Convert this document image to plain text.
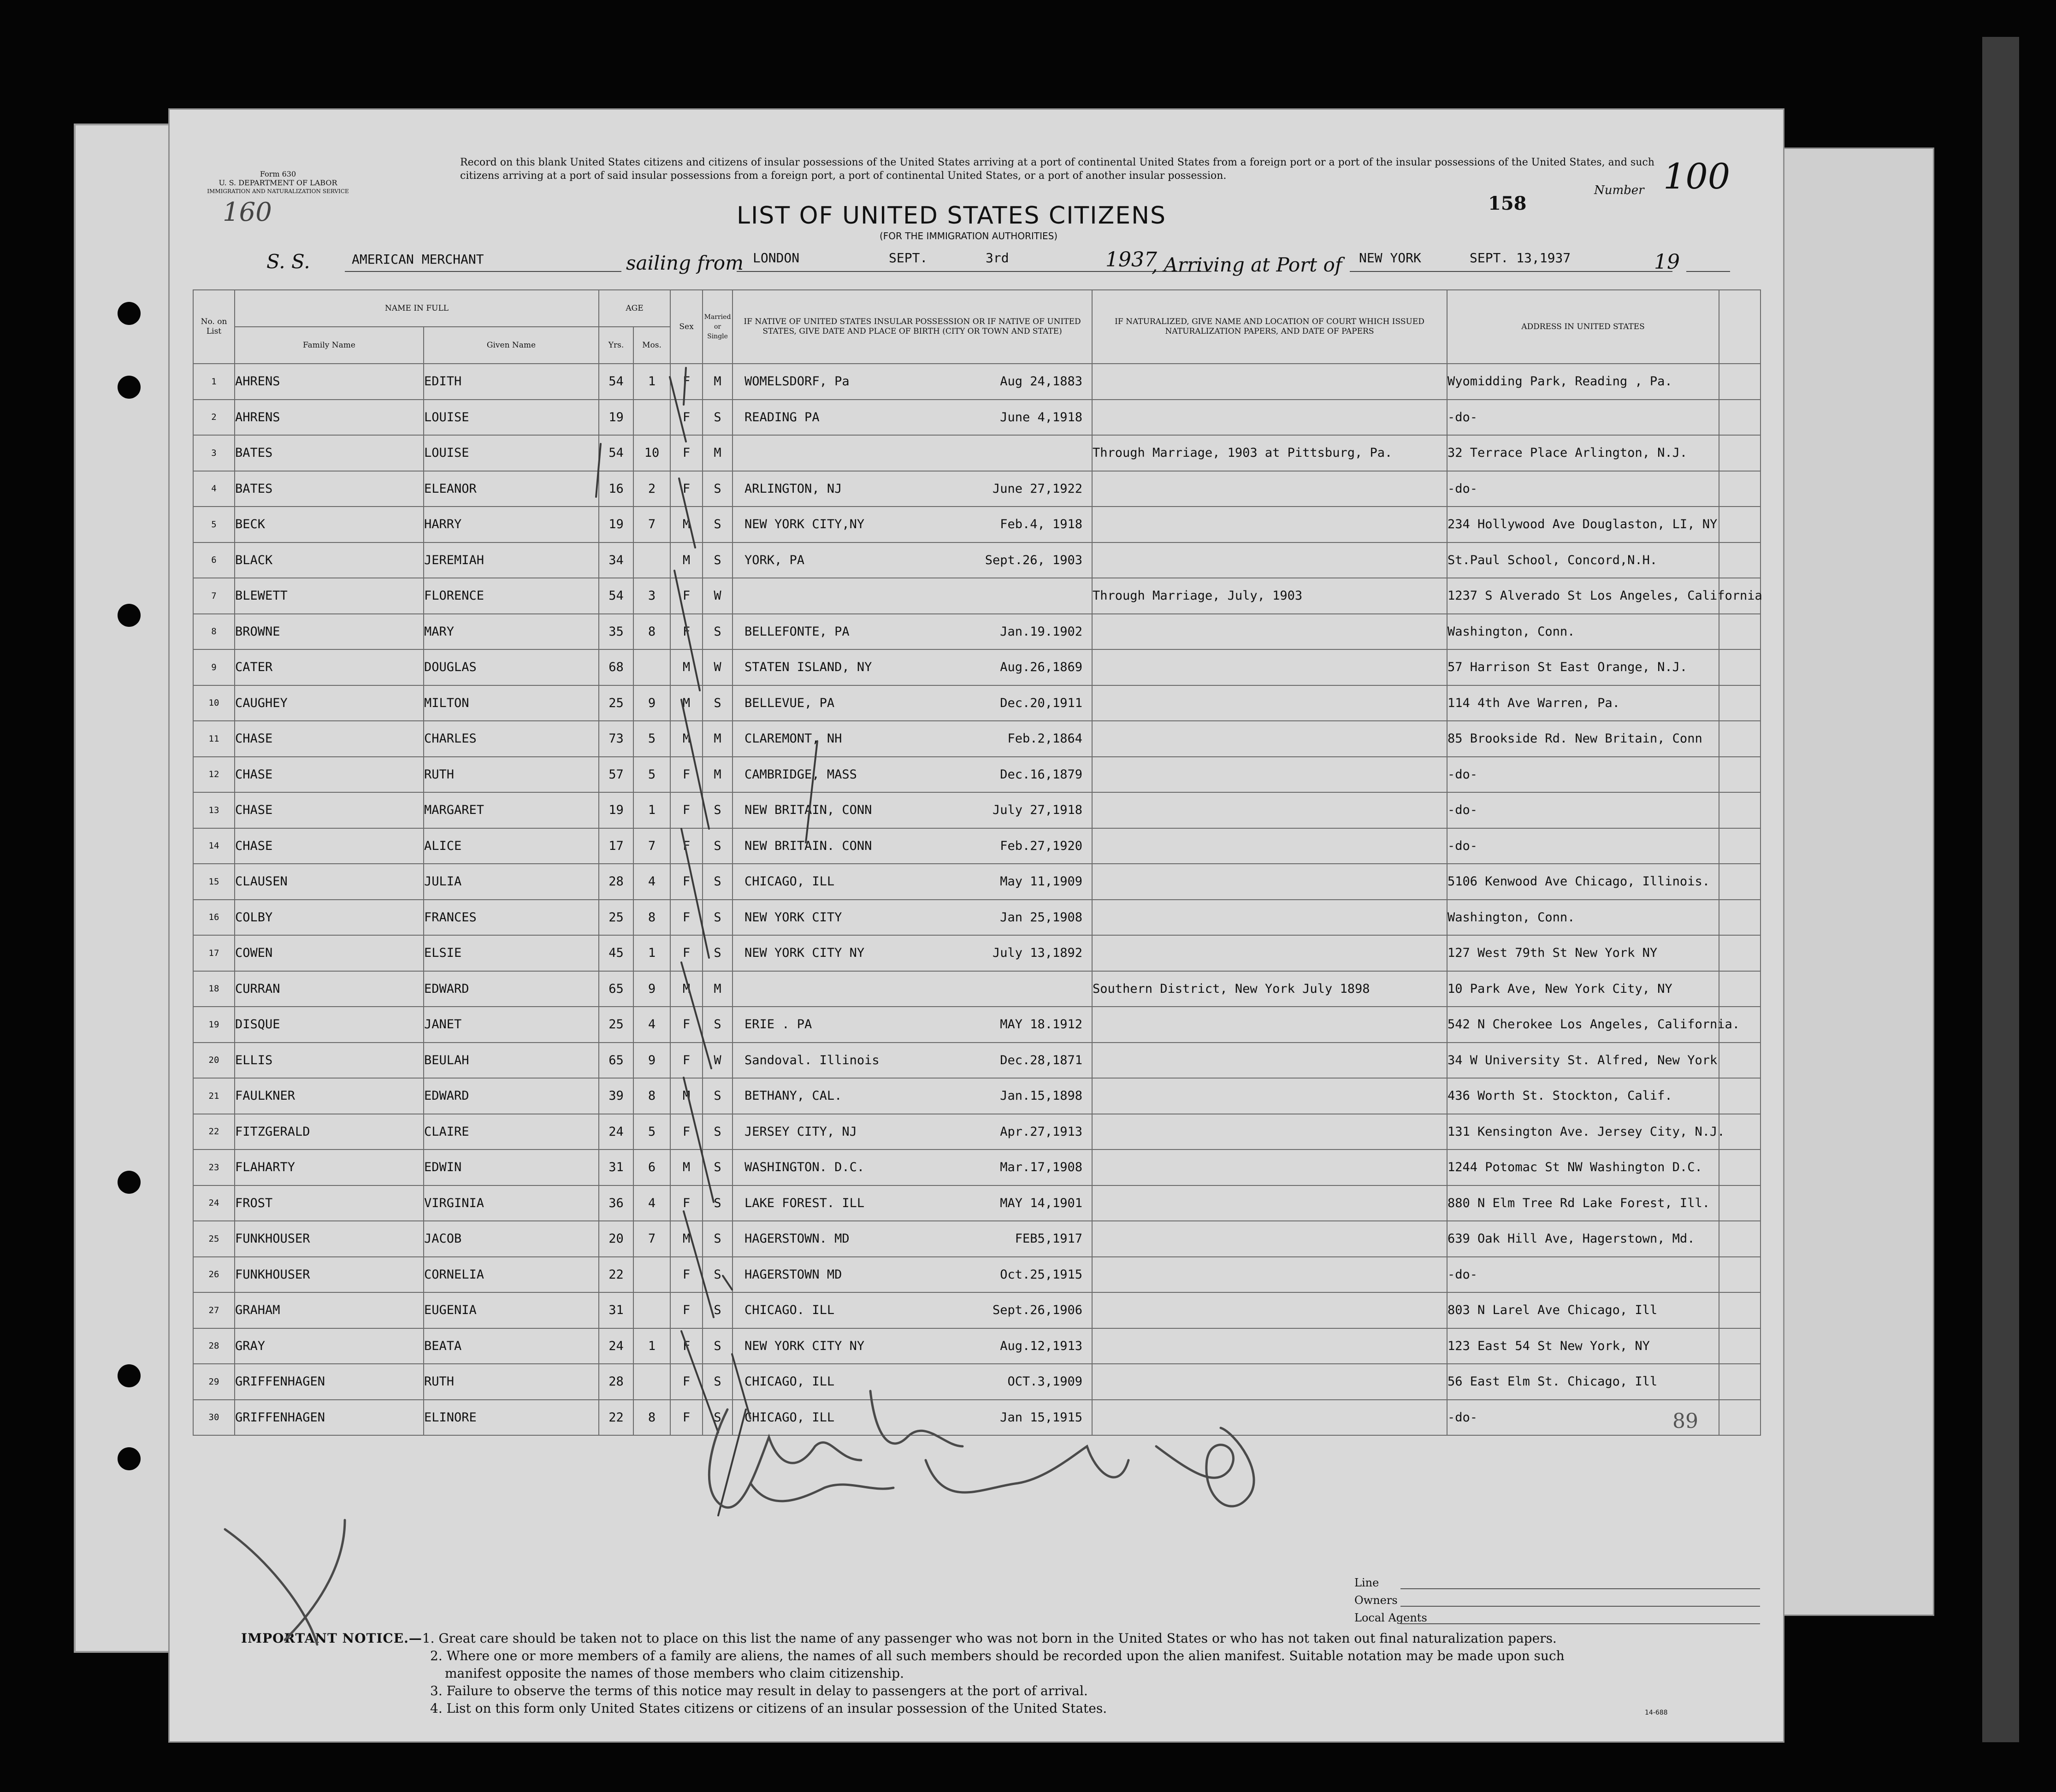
Form 630
U. S. DEPARTMENT OF LABOR
IMMIGRATION AND NATURALIZATION SERVICE
160
Record on this blank United States citizens and citizens of insular possessions of the United States arriving at a port of continental United States from a foreign port or a port of the insular possessions of the United States, and such citizens arriving at a port of said insular possessions from a foreign port, a port of continental United States, or a port of another insular possession.
Number 100
158
LIST OF UNITED STATES CITIZENS
(FOR THE IMMIGRATION AUTHORITIES)
S. S.	AMERICAN MERCHANT	sailing from LONDON	SEPT.	3rd	1937
, Arriving at Port of NEW YORK	SEPT. 13,1937	19
No. on List	NAME IN FULL		AGE		Sex	Married or Single	IF NATIVE OF UNITED STATES INSULAR POSSESSION OR IF NATIVE OF UNITED STATES, GIVE DATE AND PLACE OF BIRTH (CITY OR TOWN AND STATE)	IF NATURALIZED, GIVE NAME AND LOCATION OF COURT WHICH ISSUED NATURALIZATION PAPERS, AND DATE OF PAPERS	ADDRESS IN UNITED STATES	
	Family Name	Given Name	Yrs.	Mos.						
1	AHRENS	EDITH	54	1	F	M	WOMELSDORF, Pa Aug 24,1883		Wyomidding Park, Reading , Pa.	
2	AHRENS	LOUISE	19		F	S	READING PA June 4,1918		-do-	
3	BATES	LOUISE	54	10	F	M		Through Marriage, 1903 at Pittsburg, Pa.	32 Terrace Place Arlington, N.J.	
4	BATES	ELEANOR	16	2	F	S	ARLINGTON, NJ June 27,1922		-do-	
5	BECK	HARRY	19	7	M	S	NEW YORK CITY,NY Feb.4, 1918		234 Hollywood Ave Douglaston, LI, NY	
6	BLACK	JEREMIAH	34		M	S	YORK, PA Sept.26, 1903		St.Paul School, Concord,N.H.	
7	BLEWETT	FLORENCE	54	3	F	W		Through Marriage, July, 1903	1237 S Alverado St Los Angeles, California	
8	BROWNE	MARY	35	8	F	S	BELLEFONTE, PA Jan.19.1902		Washington, Conn.	
9	CATER	DOUGLAS	68		M	W	STATEN ISLAND, NY Aug.26,1869		57 Harrison St East Orange, N.J.	
10	CAUGHEY	MILTON	25	9	M	S	BELLEVUE, PA Dec.20,1911		114 4th Ave Warren, Pa.	
11	CHASE	CHARLES	73	5	M	M	CLAREMONT, NH Feb.2,1864		85 Brookside Rd. New Britain, Conn	
12	CHASE	RUTH	57	5	F	M	CAMBRIDGE, MASS Dec.16,1879		-do-	
13	CHASE	MARGARET	19	1	F	S	NEW BRITAIN, CONN July 27,1918		-do-	
14	CHASE	ALICE	17	7	F	S	NEW BRITAIN. CONN Feb.27,1920		-do-	
15	CLAUSEN	JULIA	28	4	F	S	CHICAGO, ILL May 11,1909		5106 Kenwood Ave Chicago, Illinois.	
16	COLBY	FRANCES	25	8	F	S	NEW YORK CITY Jan 25,1908		Washington, Conn.	
17	COWEN	ELSIE	45	1	F	S	NEW YORK CITY NY July 13,1892		127 West 79th St New York NY	
18	CURRAN	EDWARD	65	9	M	M		Southern District, New York July 1898	10 Park Ave, New York City, NY	
19	DISQUE	JANET	25	4	F	S	ERIE . PA MAY 18.1912		542 N Cherokee Los Angeles, California.	
20	ELLIS	BEULAH	65	9	F	W	Sandoval. Illinois Dec.28,1871		34 W University St. Alfred, New York	
21	FAULKNER	EDWARD	39	8	M	S	BETHANY, CAL. Jan.15,1898		436 Worth St. Stockton, Calif.	
22	FITZGERALD	CLAIRE	24	5	F	S	JERSEY CITY, NJ Apr.27,1913		131 Kensington Ave. Jersey City, N.J.	
23	FLAHARTY	EDWIN	31	6	M	S	WASHINGTON. D.C. Mar.17,1908		1244 Potomac St NW Washington D.C.	
24	FROST	VIRGINIA	36	4	F	S	LAKE FOREST. ILL MAY 14,1901		880 N Elm Tree Rd Lake Forest, Ill.	
25	FUNKHOUSER	JACOB	20	7	M	S	HAGERSTOWN. MD FEB5,1917		639 Oak Hill Ave, Hagerstown, Md.	
26	FUNKHOUSER	CORNELIA	22		F	S	HAGERSTOWN MD Oct.25,1915		-do-	
27	GRAHAM	EUGENIA	31		F	S	CHICAGO. ILL Sept.26,1906		803 N Larel Ave Chicago, Ill	
28	GRAY	BEATA	24	1	F	S	NEW YORK CITY NY Aug.12,1913		123 East 54 St New York, NY	
29	GRIFFENHAGEN	RUTH	28		F	S	CHICAGO, ILL OCT.3,1909		56 East Elm St. Chicago, Ill	
30	GRIFFENHAGEN	ELINORE	22	8	F	S	CHICAGO, ILL Jan 15,1915		-do-		89
Line
Owners
Local Agents
IMPORTANT NOTICE.—1. Great care should be taken not to place on this list the name of any passenger who was not born in the United States or who has not taken out final naturalization papers.
2. Where one or more members of a family are aliens, the names of all such members should be recorded upon the alien manifest. Suitable notation may be made upon such
manifest opposite the names of those members who claim citizenship.
3. Failure to observe the terms of this notice may result in delay to passengers at the port of arrival.
4. List on this form only United States citizens or citizens of an insular possession of the United States.	14-688
